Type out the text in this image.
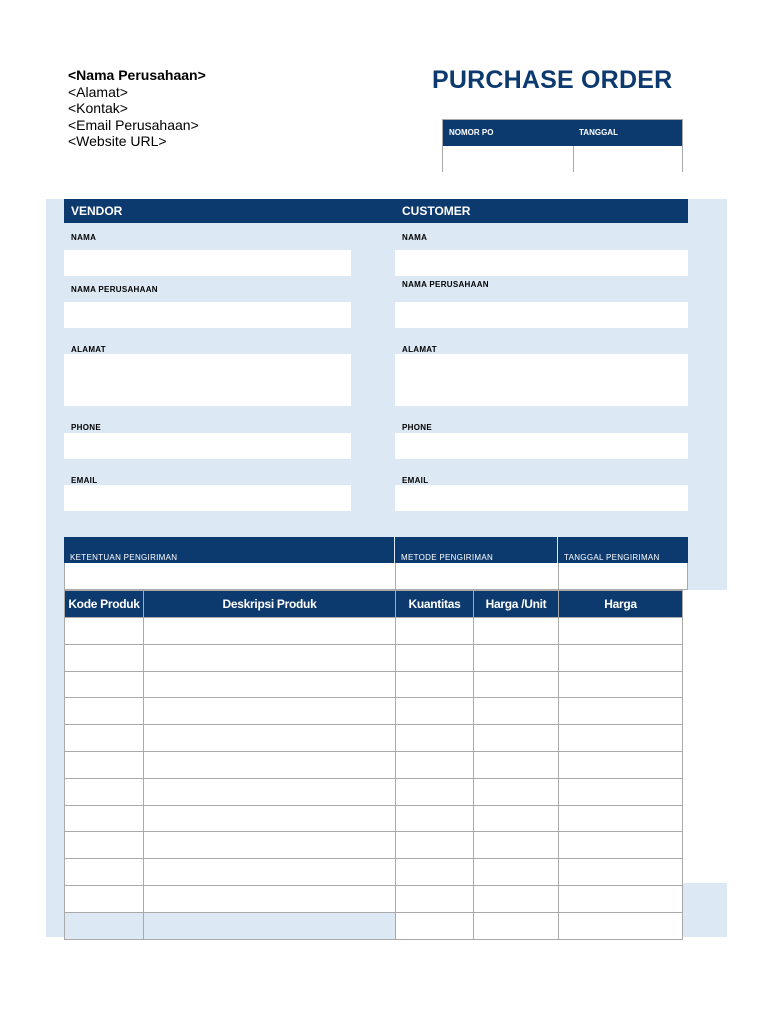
<Nama Perusahaan>
<Alamat>
<Kontak>
<Email Perusahaan>
<Website URL>
PURCHASE ORDER
NOMOR PO	TANGGAL
VENDOR
NAMA
NAMA PERUSAHAAN
ALAMAT
PHONE
EMAIL
CUSTOMER
NAMA
NAMA PERUSAHAAN
ALAMAT
PHONE
EMAIL
KETENTUAN PENGIRIMAN	METODE PENGIRIMAN	TANGGAL PENGIRIMAN
Kode Produk	Deskripsi Produk	Kuantitas	Harga /Unit	Harga
